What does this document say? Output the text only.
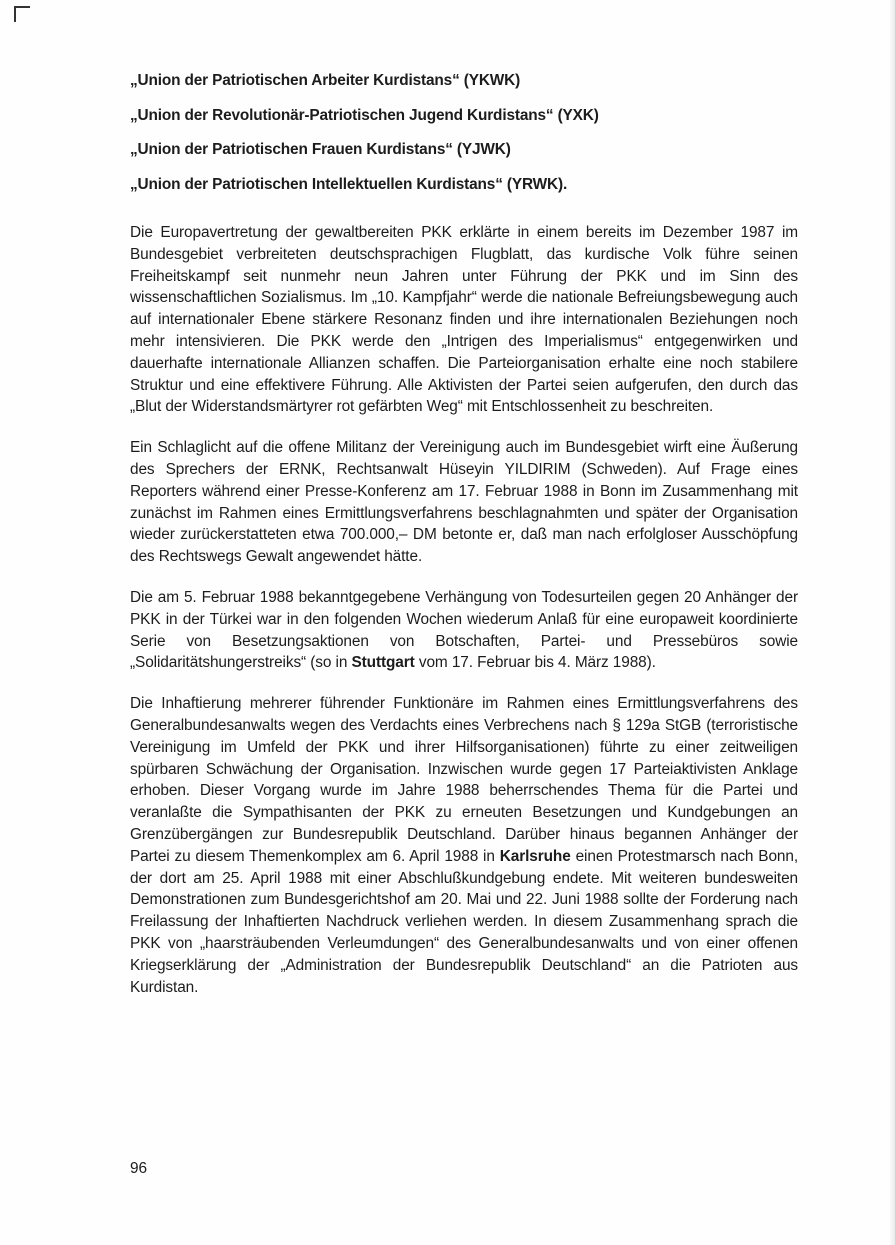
„Union der Patriotischen Arbeiter Kurdistans“ (YKWK)
„Union der Revolutionär-Patriotischen Jugend Kurdistans“ (YXK)
„Union der Patriotischen Frauen Kurdistans“ (YJWK)
„Union der Patriotischen Intellektuellen Kurdistans“ (YRWK).

Die Europavertretung der gewaltbereiten PKK erklärte in einem bereits im Dezember 1987 im Bundesgebiet verbreiteten deutschsprachigen Flugblatt, das kurdische Volk führe seinen Freiheitskampf seit nunmehr neun Jahren unter Führung der PKK und im Sinn des wissenschaftlichen Sozialismus. Im „10. Kampfjahr“ werde die nationale Befreiungsbewegung auch auf internationaler Ebene stärkere Resonanz finden und ihre internationalen Beziehungen noch mehr intensivieren. Die PKK werde den „Intrigen des Imperialismus“ entgegenwirken und dauerhafte internationale Allianzen schaffen. Die Parteiorganisation erhalte eine noch stabilere Struktur und eine effektivere Führung. Alle Aktivisten der Partei seien aufgerufen, den durch das „Blut der Widerstandsmärtyrer rot gefärbten Weg“ mit Entschlossenheit zu beschreiten.

Ein Schlaglicht auf die offene Militanz der Vereinigung auch im Bundesgebiet wirft eine Äußerung des Sprechers der ERNK, Rechtsanwalt Hüseyin YILDIRIM (Schweden). Auf Frage eines Reporters während einer Presse-Konferenz am 17. Februar 1988 in Bonn im Zusammenhang mit zunächst im Rahmen eines Ermittlungsverfahrens beschlagnahmten und später der Organisation wieder zurückerstatteten etwa 700.000,– DM betonte er, daß man nach erfolgloser Ausschöpfung des Rechtswegs Gewalt angewendet hätte.

Die am 5. Februar 1988 bekanntgegebene Verhängung von Todesurteilen gegen 20 Anhänger der PKK in der Türkei war in den folgenden Wochen wiederum Anlaß für eine europaweit koordinierte Serie von Besetzungsaktionen von Botschaften, Partei- und Pressebüros sowie „Solidaritätshungerstreiks“ (so in Stuttgart vom 17. Februar bis 4. März 1988).

Die Inhaftierung mehrerer führender Funktionäre im Rahmen eines Ermittlungsverfahrens des Generalbundesanwalts wegen des Verdachts eines Verbrechens nach § 129a StGB (terroristische Vereinigung im Umfeld der PKK und ihrer Hilfsorganisationen) führte zu einer zeitweiligen spürbaren Schwächung der Organisation. Inzwischen wurde gegen 17 Parteiaktivisten Anklage erhoben. Dieser Vorgang wurde im Jahre 1988 beherrschendes Thema für die Partei und veranlaßte die Sympathisanten der PKK zu erneuten Besetzungen und Kundgebungen an Grenzübergängen zur Bundesrepublik Deutschland. Darüber hinaus begannen Anhänger der Partei zu diesem Themenkomplex am 6. April 1988 in Karlsruhe einen Protestmarsch nach Bonn, der dort am 25. April 1988 mit einer Abschlußkundgebung endete. Mit weiteren bundesweiten Demonstrationen zum Bundesgerichtshof am 20. Mai und 22. Juni 1988 sollte der Forderung nach Freilassung der Inhaftierten Nachdruck verliehen werden. In diesem Zusammenhang sprach die PKK von „haarsträubenden Verleumdungen“ des Generalbundesanwalts und von einer offenen Kriegserklärung der „Administration der Bundesrepublik Deutschland“ an die Patrioten aus Kurdistan.

96
